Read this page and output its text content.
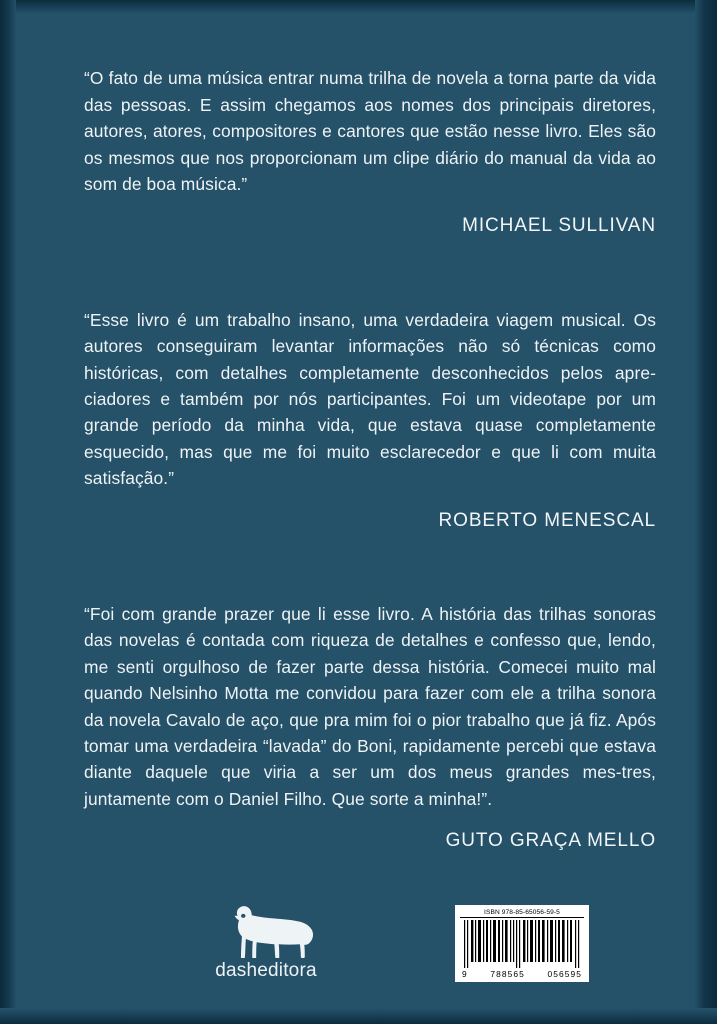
“O fato de uma música entrar numa trilha de novela a torna parte da vida das pessoas. E assim chegamos aos nomes dos principais diretores, autores, atores, compositores e cantores que estão nesse livro. Eles são os mesmos que nos proporcionam um clipe diário do manual da vida ao som de boa música.”

MICHAEL SULLIVAN

“Esse livro é um trabalho insano, uma verdadeira viagem musical. Os autores conseguiram levantar informações não só técnicas como históricas, com detalhes completamente desconhecidos pelos apre-ciadores e também por nós participantes. Foi um videotape por um grande período da minha vida, que estava quase completamente esquecido, mas que me foi muito esclarecedor e que li com muita satisfação.”

ROBERTO MENESCAL

“Foi com grande prazer que li esse livro. A história das trilhas sonoras das novelas é contada com riqueza de detalhes e confesso que, lendo, me senti orgulhoso de fazer parte dessa história. Comecei muito mal quando Nelsinho Motta me convidou para fazer com ele a trilha sonora da novela Cavalo de aço, que pra mim foi o pior trabalho que já fiz. Após tomar uma verdadeira “lavada” do Boni, rapidamente percebi que estava diante daquele que viria a ser um dos meus grandes mes-tres, juntamente com o Daniel Filho. Que sorte a minha!”.

GUTO GRAÇA MELLO

dasheditora
ISBN 978-85-65056-59-5
9	788565	056595
